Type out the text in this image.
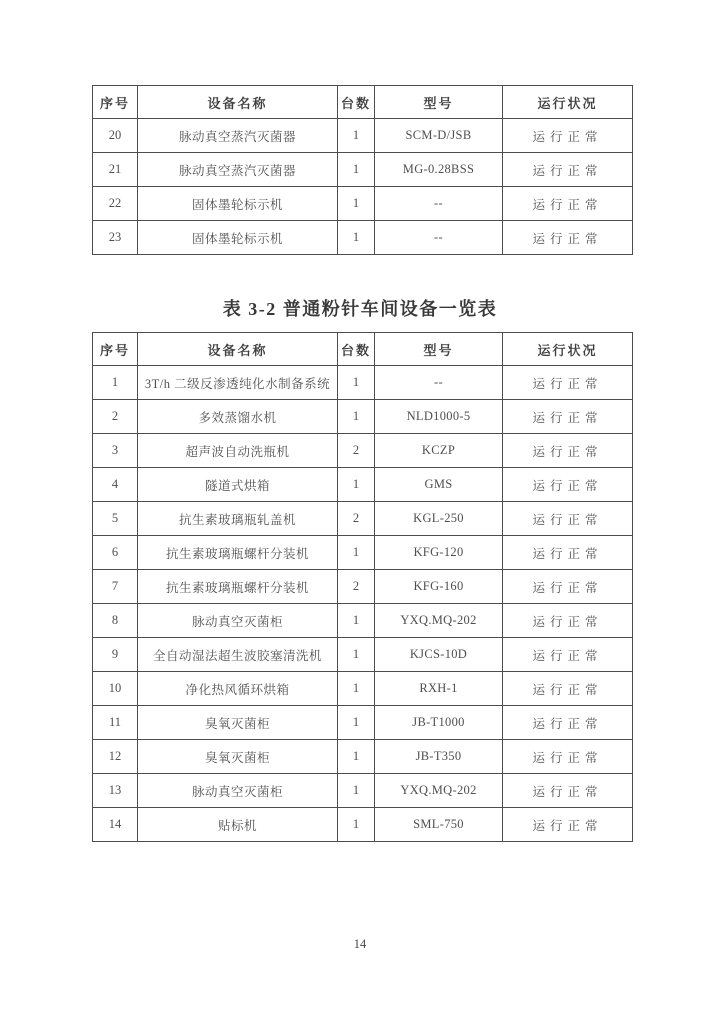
序号	设备名称	台数	型号	运行状况
20	脉动真空蒸汽灭菌器	1	SCM-D/JSB	运行正常
21	脉动真空蒸汽灭菌器	1	MG-0.28BSS	运行正常
22	固体墨轮标示机	1	--	运行正常
23	固体墨轮标示机	1	--	运行正常
表 3-2 普通粉针车间设备一览表
序号	设备名称	台数	型号	运行状况
1	3T/h 二级反渗透纯化水制备系统	1	--	运行正常
2	多效蒸馏水机	1	NLD1000-5	运行正常
3	超声波自动洗瓶机	2	KCZP	运行正常
4	隧道式烘箱	1	GMS	运行正常
5	抗生素玻璃瓶轧盖机	2	KGL-250	运行正常
6	抗生素玻璃瓶螺杆分装机	1	KFG-120	运行正常
7	抗生素玻璃瓶螺杆分装机	2	KFG-160	运行正常
8	脉动真空灭菌柜	1	YXQ.MQ-202	运行正常
9	全自动湿法超生波胶塞清洗机	1	KJCS-10D	运行正常
10	净化热风循环烘箱	1	RXH-1	运行正常
11	臭氧灭菌柜	1	JB-T1000	运行正常
12	臭氧灭菌柜	1	JB-T350	运行正常
13	脉动真空灭菌柜	1	YXQ.MQ-202	运行正常
14	贴标机	1	SML-750	运行正常
14
